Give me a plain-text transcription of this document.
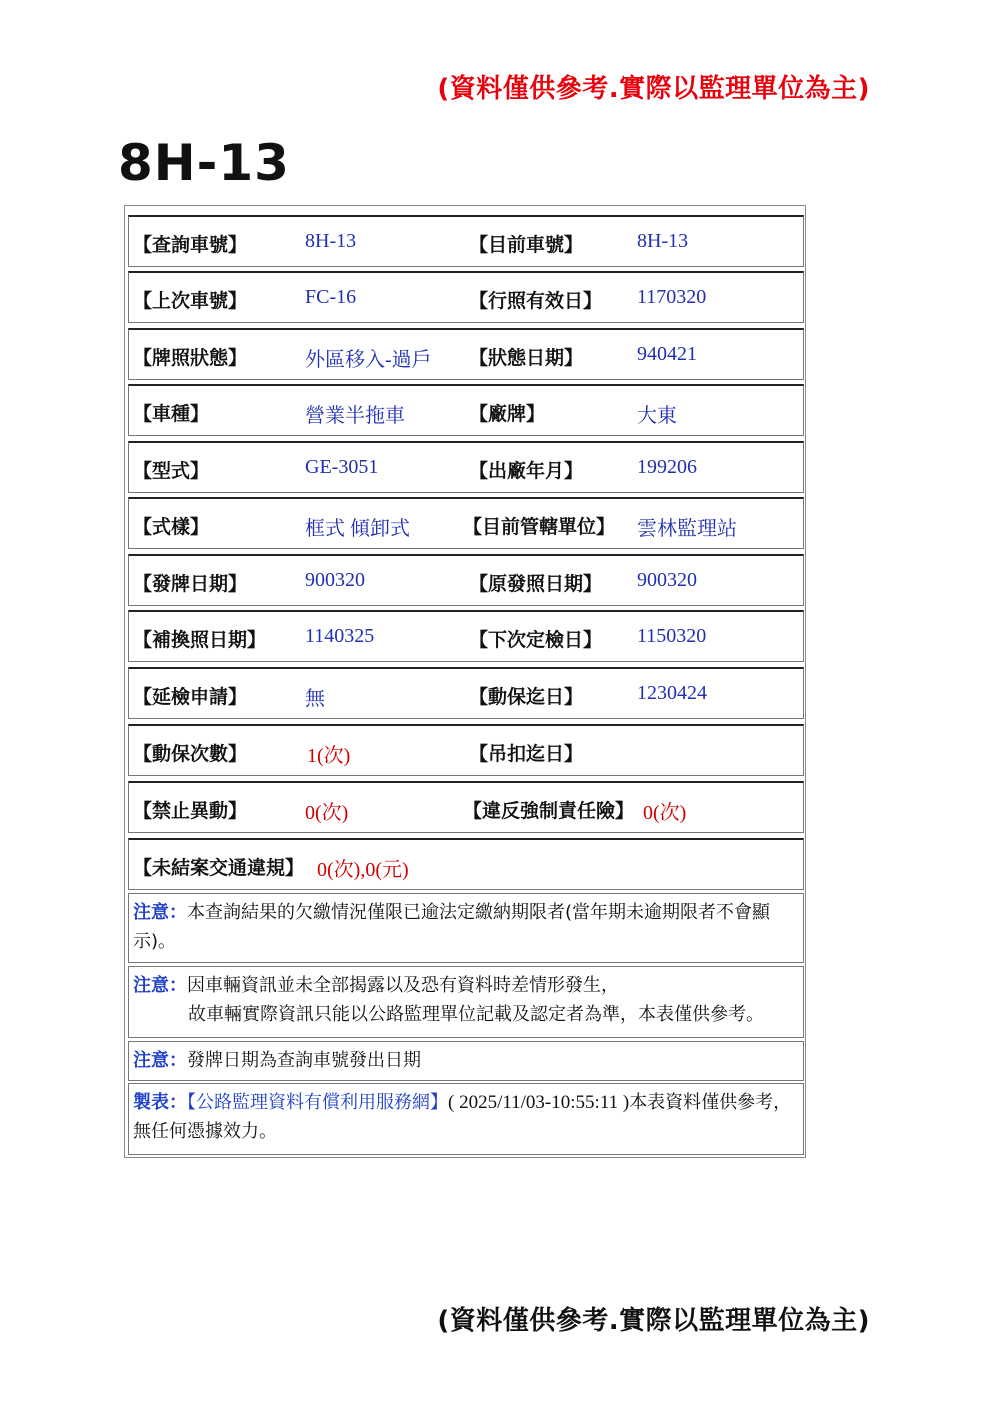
(資料僅供參考.實際以監理單位為主)
8H-13
【查詢車號】	8H-13	【目前車號】	8H-13
【上次車號】	FC-16	【行照有效日】 1170320
【牌照狀態】	外區移入-過戶 【狀態日期】	940421
【車種】	營業半拖車	【廠牌】	大東
【型式】	GE-3051	【出廠年月】	199206
【式樣】	框式 傾卸式	【目前管轄單位】 雲林監理站
【發牌日期】	900320	【原發照日期】 900320
【補換照日期】 1140325	【下次定檢日】 1150320
【延檢申請】	無	【動保迄日】	1230424
【動保次數】	1(次)	【吊扣迄日】
【禁止異動】	0(次)	【違反強制責任險】 0(次)
【未結案交通違規】 0(次),0(元)
注意：本查詢結果的欠繳情況僅限已逾法定繳納期限者(當年期未逾期限者不會顯示)。
注意：因車輛資訊並未全部揭露以及恐有資料時差情形發生，
故車輛實際資訊只能以公路監理單位記載及認定者為準，本表僅供參考。
注意：發牌日期為查詢車號發出日期
製表：【公路監理資料有償利用服務網】( 2025/11/03-10:55:11 )本表資料僅供參考，無任何憑據效力。
(資料僅供參考.實際以監理單位為主)
